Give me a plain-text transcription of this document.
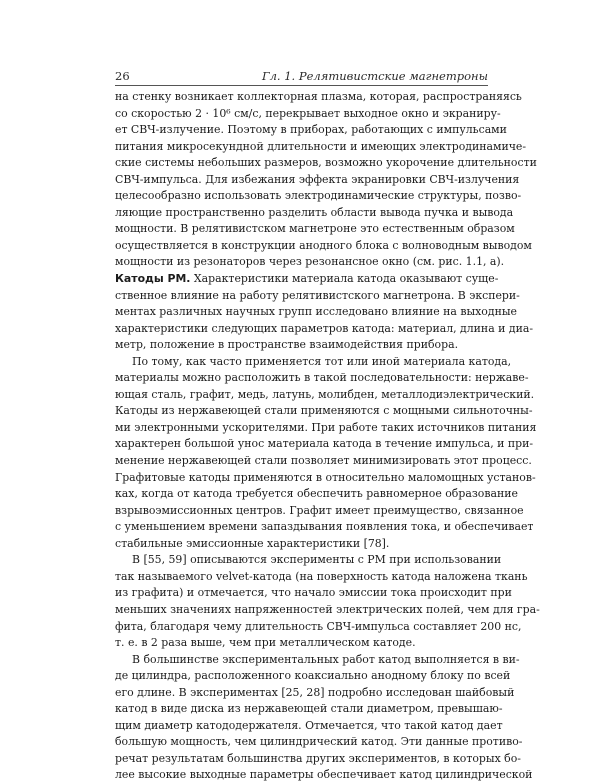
26	Гл. 1. Релятивистские магнетроны
на стенку возникает коллекторная плазма, которая, распространяясь
со скоростью 2 · 10⁶ см/с, перекрывает выходное окно и экраниру-
ет СВЧ-излучение. Поэтому в приборах, работающих с импульсами
питания микросекундной длительности и имеющих электродинамиче-
ские системы небольших размеров, возможно укорочение длительности
СВЧ-импульса. Для избежания эффекта экранировки СВЧ-излучения
целесообразно использовать электродинамические структуры, позво-
ляющие пространственно разделить области вывода пучка и вывода
мощности. В релятивистском магнетроне это естественным образом
осуществляется в конструкции анодного блока с волноводным выводом
мощности из резонаторов через резонансное окно (см. рис. 1.1, а).
Катоды РМ. Характеристики материала катода оказывают суще-
ственное влияние на работу релятивистского магнетрона. В экспери-
ментах различных научных групп исследовано влияние на выходные
характеристики следующих параметров катода: материал, длина и диа-
метр, положение в пространстве взаимодействия прибора.
По тому, как часто применяется тот или иной материала катода,
материалы можно расположить в такой последовательности: нержаве-
ющая сталь, графит, медь, латунь, молибден, металлодиэлектрический.
Катоды из нержавеющей стали применяются с мощными сильноточны-
ми электронными ускорителями. При работе таких источников питания
характерен большой унос материала катода в течение импульса, и при-
менение нержавеющей стали позволяет минимизировать этот процесс.
Графитовые катоды применяются в относительно маломощных установ-
ках, когда от катода требуется обеспечить равномерное образование
взрывоэмиссионных центров. Графит имеет преимущество, связанное
с уменьшением времени запаздывания появления тока, и обеспечивает
стабильные эмиссионные характеристики [78].
В [55, 59] описываются эксперименты с РМ при использовании
так называемого velvet-катода (на поверхность катода наложена ткань
из графита) и отмечается, что начало эмиссии тока происходит при
меньших значениях напряженностей электрических полей, чем для гра-
фита, благодаря чему длительность СВЧ-импульса составляет 200 нс,
т. е. в 2 раза выше, чем при металлическом катоде.
В большинстве экспериментальных работ катод выполняется в ви-
де цилиндра, расположенного коаксиально анодному блоку по всей
его длине. В экспериментах [25, 28] подробно исследован шайбовый
катод в виде диска из нержавеющей стали диаметром, превышаю-
щим диаметр катододержателя. Отмечается, что такой катод дает
большую мощность, чем цилиндрический катод. Эти данные противо-
речат результатам большинства других экспериментов, в которых бо-
лее высокие выходные параметры обеспечивает катод цилиндрической
